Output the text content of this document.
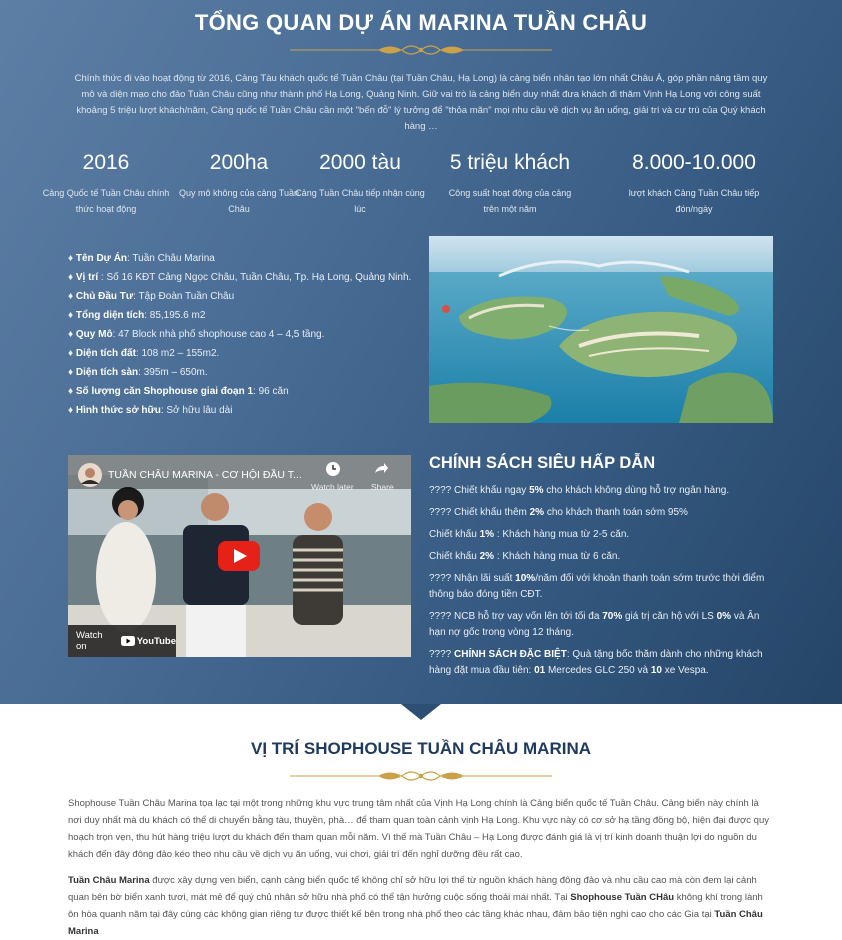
TỔNG QUAN DỰ ÁN MARINA TUẦN CHÂU

Chính thức đi vào hoạt động từ 2016, Cảng Tàu khách quốc tế Tuần Châu (tại Tuần Châu, Hạ Long) là cảng biển nhân tạo lớn nhất Châu Á, góp phần nâng tầm quy mô và diện mạo cho đảo Tuần Châu cũng như thành phố Hạ Long, Quảng Ninh. Giữ vai trò là cảng biển duy nhất đưa khách đi thăm Vịnh Hạ Long với công suất khoảng 5 triệu lượt khách/năm, Cảng quốc tế Tuần Châu cần một "bến đỗ" lý tưởng để "thỏa mãn" mọi nhu cầu về dịch vụ ăn uống, giải trí và cư trú của Quý khách hàng …

2016
Cảng Quốc tế Tuần Châu chính thức hoạt động
200ha
Quy mô không của cảng Tuần Châu
2000 tàu
Cảng Tuần Châu tiếp nhận cùng lúc
5 triệu khách
Công suất hoạt động của cảng trên một năm
8.000-10.000
lượt khách Cảng Tuần Châu tiếp đón/ngày
♦ Tên Dự Án: Tuần Châu Marina
♦ Vị trí : Số 16 KĐT Cảng Ngọc Châu, Tuần Châu, Tp. Hạ Long, Quảng Ninh.
♦ Chủ Đầu Tư: Tập Đoàn Tuần Châu
♦ Tổng diện tích: 85,195.6 m2
♦ Quy Mô: 47 Block nhà phố shophouse cao 4 – 4,5 tầng.
♦ Diện tích đất: 108 m2 – 155m2.
♦ Diện tích sàn: 395m – 650m.
♦ Số lượng căn Shophouse giai đoạn 1: 96 căn
♦ Hình thức sở hữu: Sở hữu lâu dài
TUẦN CHÂU MARINA - CƠ HỘI ĐẦU T...
Watch later Share
Watch on	YouTube
CHÍNH SÁCH SIÊU HẤP DẪN
???? Chiết khấu ngay 5% cho khách không dùng hỗ trợ ngân hàng.
???? Chiết khấu thêm 2% cho khách thanh toán sớm 95%
Chiết khấu 1% : Khách hàng mua từ 2-5 căn.
Chiết khấu 2% : Khách hàng mua từ 6 căn.
???? Nhận lãi suất 10%/năm đối với khoản thanh toán sớm trước thời điểm thông báo đóng tiền CĐT.
???? NCB hỗ trợ vay vốn lên tới tối đa 70% giá trị căn hộ với LS 0% và Ân hạn nợ gốc trong vòng 12 tháng.
???? CHÍNH SÁCH ĐẶC BIỆT: Quà tặng bốc thăm dành cho những khách hàng đặt mua đầu tiên: 01 Mercedes GLC 250 và 10 xe Vespa.
VỊ TRÍ SHOPHOUSE TUẦN CHÂU MARINA

Shophouse Tuần Châu Marina tọa lạc tại một trong những khu vực trung tâm nhất của Vịnh Hạ Long chính là Cảng biển quốc tế Tuần Châu. Cảng biển này chính là nơi duy nhất mà du khách có thể di chuyển bằng tàu, thuyền, phà… để tham quan toàn cảnh vịnh Hạ Long. Khu vực này có cơ sở hạ tầng đồng bộ, hiện đại được quy hoạch trọn vẹn, thu hút hàng triệu lượt du khách đến tham quan mỗi năm. Vì thế mà Tuần Châu – Hạ Long được đánh giá là vị trí kinh doanh thuận lợi do nguồn du khách đến đây đông đảo kéo theo nhu cầu về dịch vụ ăn uống, vui chơi, giải trí đến nghỉ dưỡng đều rất cao.

Tuần Châu Marina được xây dựng ven biển, cạnh cảng biển quốc tế không chỉ sở hữu lợi thế từ nguồn khách hàng đông đảo và nhu cầu cao mà còn đem lại cảnh quan bên bờ biển xanh tươi, mát mẻ để quý chủ nhân sở hữu nhà phố có thể tận hưởng cuộc sống thoải mái nhất. Tại Shophouse Tuần CHâu không khí trong lành ôn hòa quanh năm tại đây cùng các không gian riêng tư được thiết kế bên trong nhà phố theo các tầng khác nhau, đảm bảo tiện nghi cao cho các Gia tại Tuần Châu Marina
